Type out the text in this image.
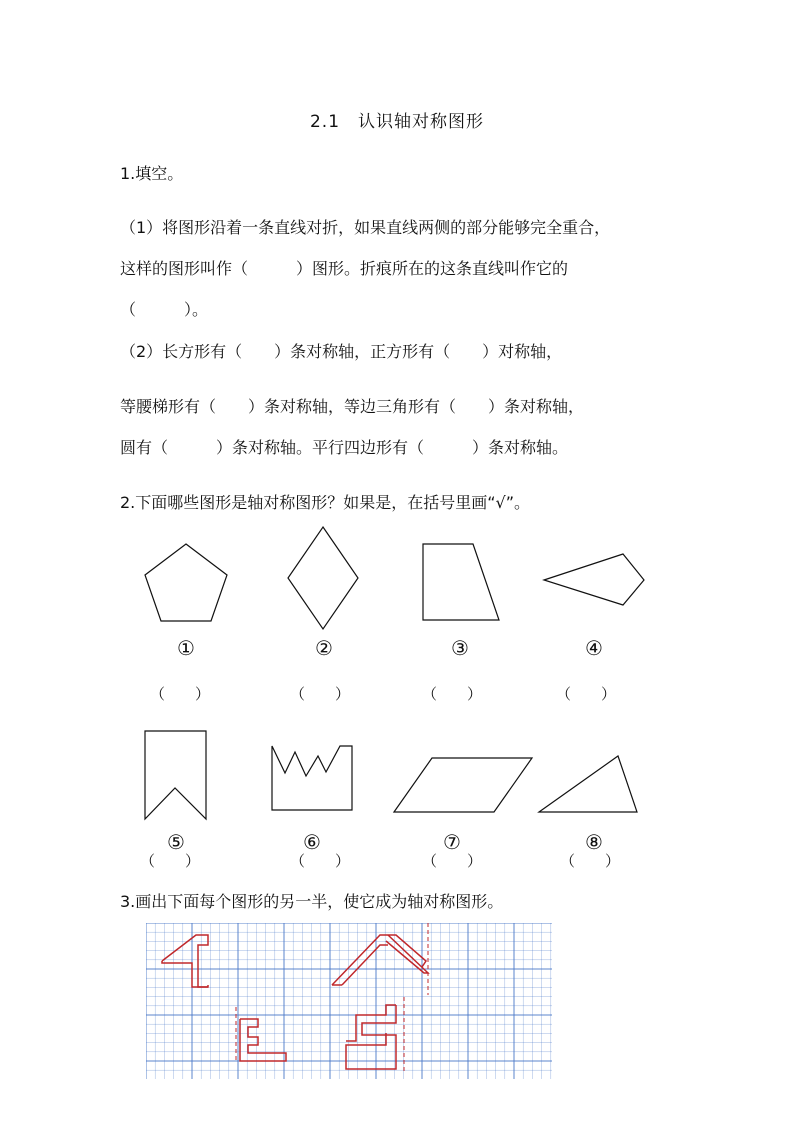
2.1　认识轴对称图形
1.填空。
（1）将图形沿着一条直线对折，如果直线两侧的部分能够完全重合，
这样的图形叫作（　　　）图形。折痕所在的这条直线叫作它的
（　　　）。
（2）长方形有（　　）条对称轴，正方形有（　　）对称轴，
等腰梯形有（　　）条对称轴，等边三角形有（　　）条对称轴，
圆有（　　　）条对称轴。平行四边形有（　　　）条对称轴。
2.下面哪些图形是轴对称图形？如果是，在括号里画“√”。
①	②	③	④
（　　）	（　　）	（　　）	（　　）
⑤	⑥	⑦	⑧
（　　）	（　　）	（　　）	（　　）
3.画出下面每个图形的另一半，使它成为轴对称图形。
